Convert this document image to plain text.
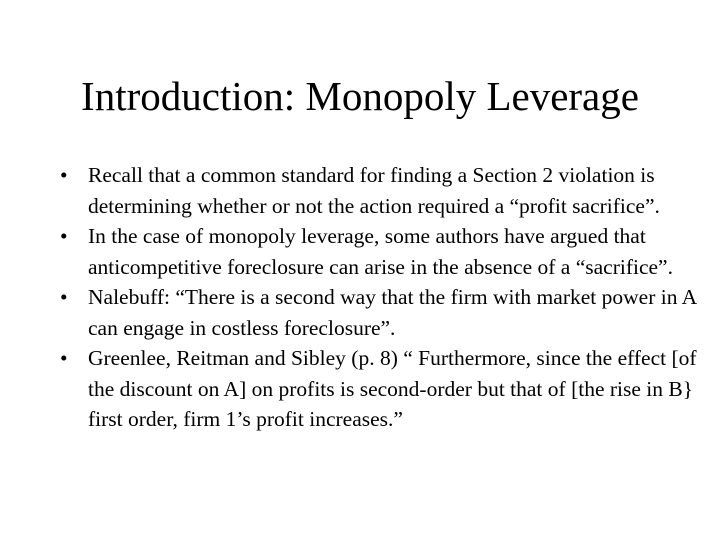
Introduction: Monopoly Leverage
• Recall that a common standard for finding a Section 2 violation is determining whether or not the action required a “profit sacrifice”.
• In the case of monopoly leverage, some authors have argued that anticompetitive foreclosure can arise in the absence of a “sacrifice”.
• Nalebuff: “There is a second way that the firm with market power in A can engage in costless foreclosure”.
• Greenlee, Reitman and Sibley (p. 8) “ Furthermore, since the effect [of the discount on A] on profits is second-order but that of [the rise in B} first order, firm 1’s profit increases.”
